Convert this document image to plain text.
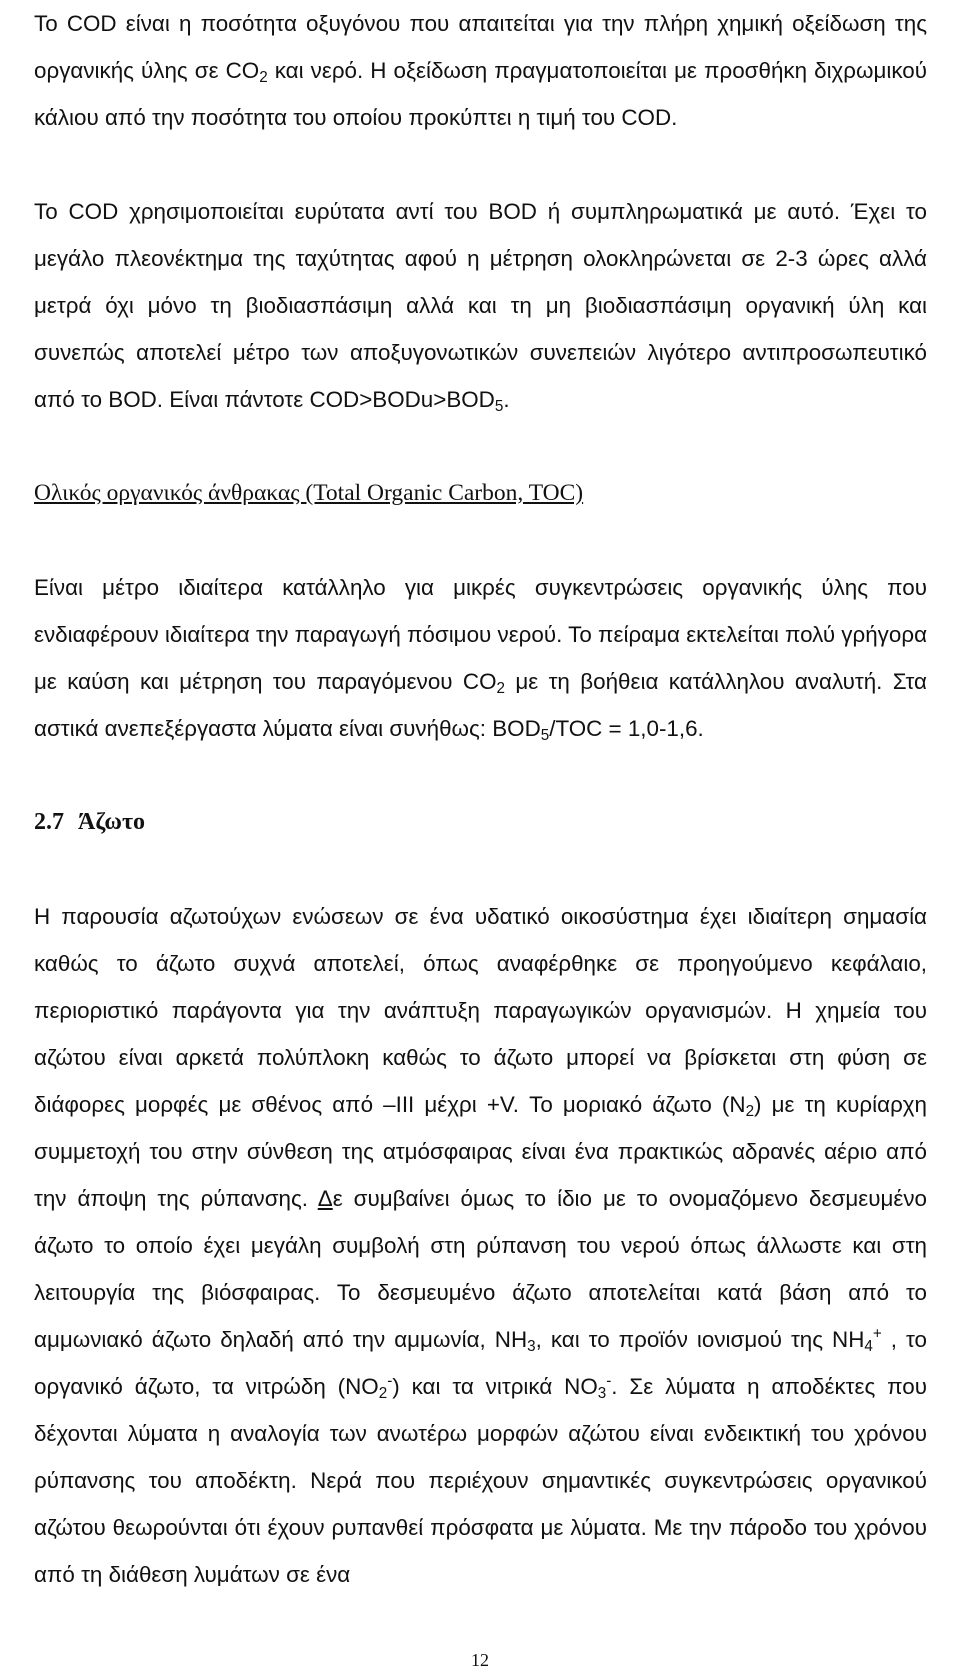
Το COD είναι η ποσότητα οξυγόνου που απαιτείται για την πλήρη χημική οξείδωση της οργανικής ύλης σε $CO_2$ και νερό. Η οξείδωση πραγματοποιείται με προσθήκη διχρωμικού κάλιου από την ποσότητα του οποίου προκύπτει η τιμή του COD.

Το COD χρησιμοποιείται ευρύτατα αντί του BOD ή συμπληρωματικά με αυτό. Έχει το μεγάλο πλεονέκτημα της ταχύτητας αφού η μέτρηση ολοκληρώνεται σε 2-3 ώρες αλλά μετρά όχι μόνο τη βιοδιασπάσιμη αλλά και τη μη βιοδιασπάσιμη οργανική ύλη και συνεπώς αποτελεί μέτρο των αποξυγονωτικών συνεπειών λιγότερο αντιπροσωπευτικό από το BOD. Είναι πάντοτε $COD>BODu>BOD_5$.

Ολικός οργανικός άνθρακας (Total Organic Carbon, TOC)

Είναι μέτρο ιδιαίτερα κατάλληλο για μικρές συγκεντρώσεις οργανικής ύλης που ενδιαφέρουν ιδιαίτερα την παραγωγή πόσιμου νερού. Το πείραμα εκτελείται πολύ γρήγορα με καύση και μέτρηση του παραγόμενου $CO_2$ με τη βοήθεια κατάλληλου αναλυτή. Στα αστικά ανεπεξέργαστα λύματα είναι συνήθως: $BOD_5$/TOC = 1,0-1,6.

2.7 Άζωτο

Η παρουσία αζωτούχων ενώσεων σε ένα υδατικό οικοσύστημα έχει ιδιαίτερη σημασία καθώς το άζωτο συχνά αποτελεί, όπως αναφέρθηκε σε προηγούμενο κεφάλαιο, περιοριστικό παράγοντα για την ανάπτυξη παραγωγικών οργανισμών. Η χημεία του αζώτου είναι αρκετά πολύπλοκη καθώς το άζωτο μπορεί να βρίσκεται στη φύση σε διάφορες μορφές με σθένος από –III μέχρι +V. Το μοριακό άζωτο $(N_2)$ με τη κυρίαρχη συμμετοχή του στην σύνθεση της ατμόσφαιρας είναι ένα πρακτικώς αδρανές αέριο από την άποψη της ρύπανσης. Δε συμβαίνει όμως το ίδιο με το ονομαζόμενο δεσμευμένο άζωτο το οποίο έχει μεγάλη συμβολή στη ρύπανση του νερού όπως άλλωστε και στη λειτουργία της βιόσφαιρας. Το δεσμευμένο άζωτο αποτελείται κατά βάση από το αμμωνιακό άζωτο δηλαδή από την αμμωνία, $NH_3$, και το προϊόν ιονισμού της $NH_4^+$ , το οργανικό άζωτο, τα νιτρώδη $(NO_2^-)$ και τα νιτρικά $NO_3^-$. Σε λύματα η αποδέκτες που δέχονται λύματα η αναλογία των ανωτέρω μορφών αζώτου είναι ενδεικτική του χρόνου ρύπανσης του αποδέκτη. Νερά που περιέχουν σημαντικές συγκεντρώσεις οργανικού αζώτου θεωρούνται ότι έχουν ρυπανθεί πρόσφατα με λύματα. Με την πάροδο του χρόνου από τη διάθεση λυμάτων σε ένα

12
